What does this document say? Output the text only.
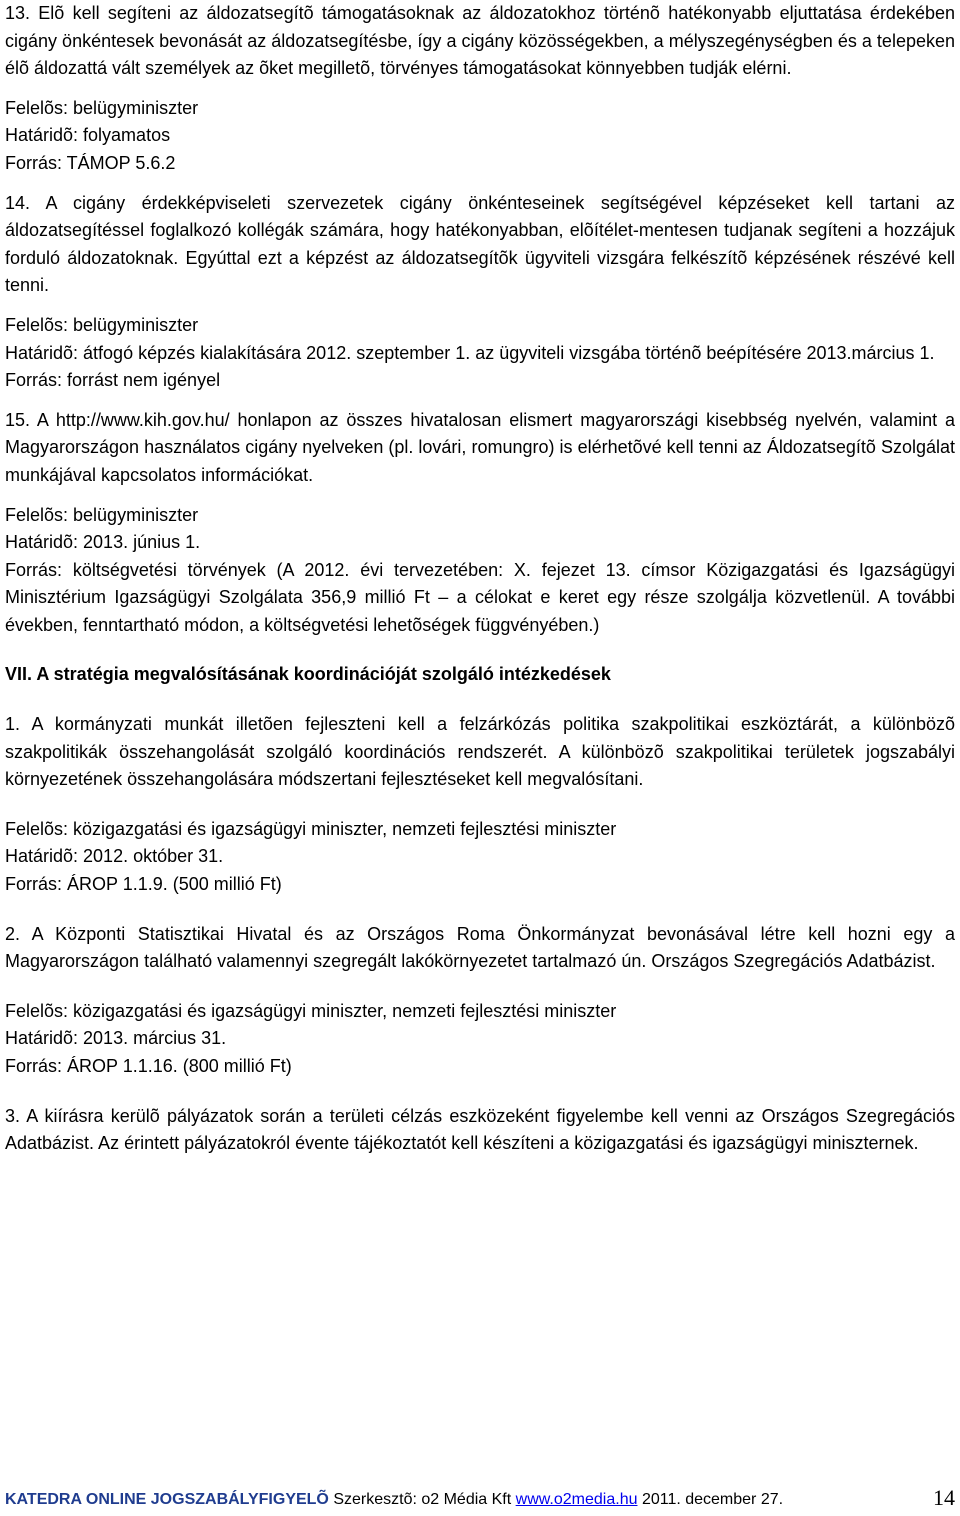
13. Elõ kell segíteni az áldozatsegítõ támogatásoknak az áldozatokhoz történõ hatékonyabb eljuttatása érdekében cigány önkéntesek bevonását az áldozatsegítésbe, így a cigány közösségekben, a mélyszegénységben és a telepeken élõ áldozattá vált személyek az õket megilletõ, törvényes támogatásokat könnyebben tudják elérni.

Felelõs: belügyminiszter

Határidõ: folyamatos

Forrás: TÁMOP 5.6.2

14. A cigány érdekképviseleti szervezetek cigány önkénteseinek segítségével képzéseket kell tartani az áldozatsegítéssel foglalkozó kollégák számára, hogy hatékonyabban, elõítélet-mentesen tudjanak segíteni a hozzájuk forduló áldozatoknak. Egyúttal ezt a képzést az áldozatsegítõk ügyviteli vizsgára felkészítõ képzésének részévé kell tenni.

Felelõs: belügyminiszter

Határidõ: átfogó képzés kialakítására 2012. szeptember 1. az ügyviteli vizsgába történõ beépítésére 2013.március 1.

Forrás: forrást nem igényel

15. A http://www.kih.gov.hu/ honlapon az összes hivatalosan elismert magyarországi kisebbség nyelvén, valamint a Magyarországon használatos cigány nyelveken (pl. lovári, romungro) is elérhetõvé kell tenni az Áldozatsegítõ Szolgálat munkájával kapcsolatos információkat.

Felelõs: belügyminiszter

Határidõ: 2013. június 1.

Forrás: költségvetési törvények (A 2012. évi tervezetében: X. fejezet 13. címsor Közigazgatási és Igazságügyi Minisztérium Igazságügyi Szolgálata 356,9 millió Ft – a célokat e keret egy része szolgálja közvetlenül. A további években, fenntartható módon, a költségvetési lehetõségek függvényében.)

VII. A stratégia megvalósításának koordinációját szolgáló intézkedések

1. A kormányzati munkát illetõen fejleszteni kell a felzárkózás politika szakpolitikai eszköztárát, a különbözõ szakpolitikák összehangolását szolgáló koordinációs rendszerét. A különbözõ szakpolitikai területek jogszabályi környezetének összehangolására módszertani fejlesztéseket kell megvalósítani.

Felelõs: közigazgatási és igazságügyi miniszter, nemzeti fejlesztési miniszter

Határidõ: 2012. október 31.

Forrás: ÁROP 1.1.9. (500 millió Ft)

2. A Központi Statisztikai Hivatal és az Országos Roma Önkormányzat bevonásával létre kell hozni egy a Magyarországon található valamennyi szegregált lakókörnyezetet tartalmazó ún. Országos Szegregációs Adatbázist.

Felelõs: közigazgatási és igazságügyi miniszter, nemzeti fejlesztési miniszter

Határidõ: 2013. március 31.

Forrás: ÁROP 1.1.16. (800 millió Ft)

3. A kiírásra kerülõ pályázatok során a területi célzás eszközeként figyelembe kell venni az Országos Szegregációs Adatbázist. Az érintett pályázatokról évente tájékoztatót kell készíteni a közigazgatási és igazságügyi miniszternek.

KATEDRA ONLINE JOGSZABÁLYFIGYELÕ Szerkesztõ: o2 Média Kft www.o2media.hu 2011. december 27.	14
